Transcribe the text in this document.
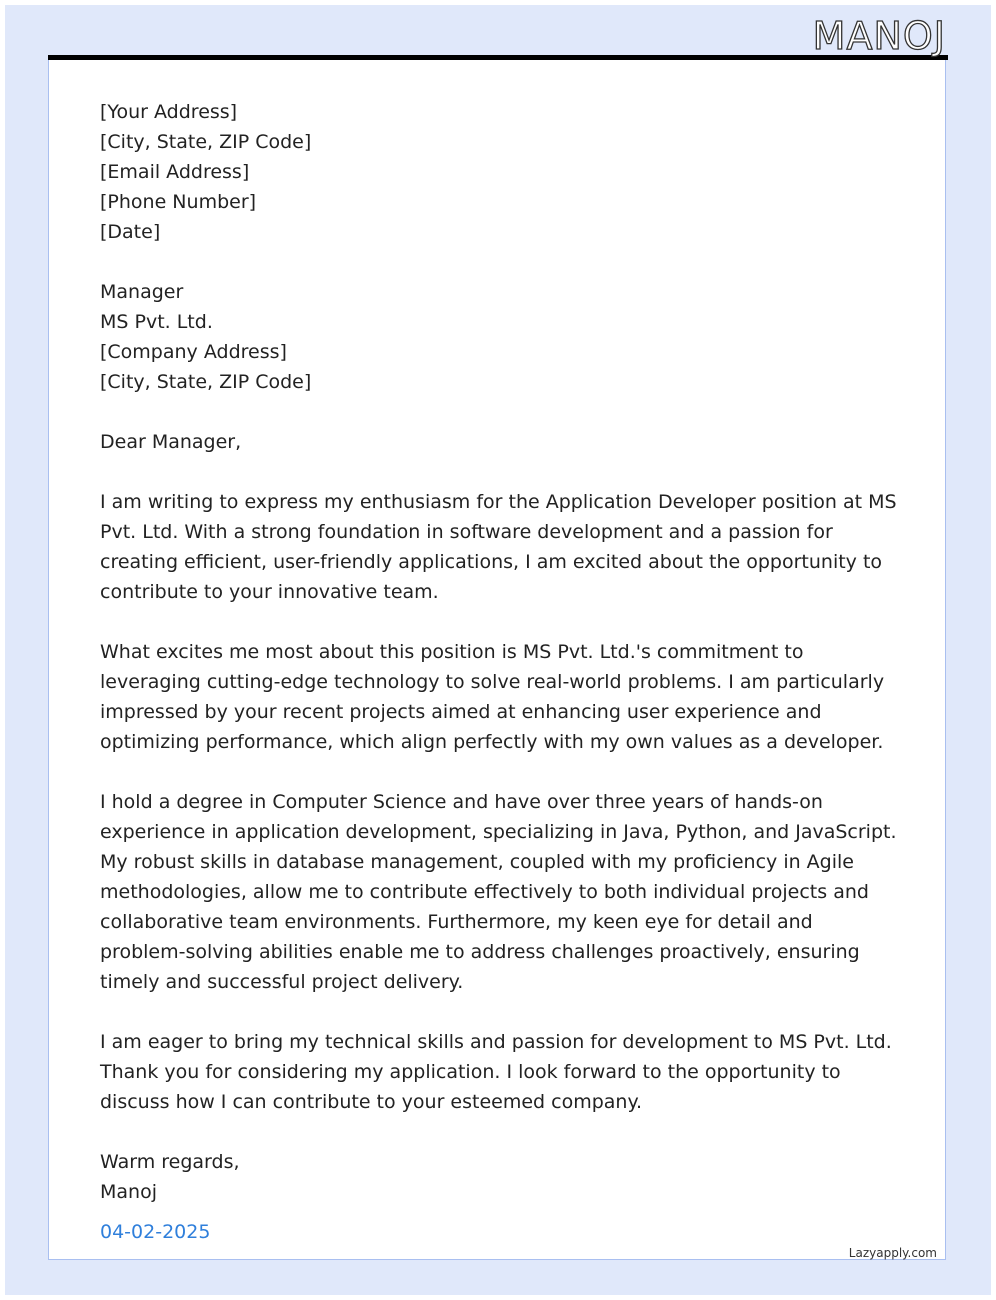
MANOJ
[Your Address]
[City, State, ZIP Code]
[Email Address]
[Phone Number]
[Date]
Manager
MS Pvt. Ltd.
[Company Address]
[City, State, ZIP Code]
Dear Manager,

I am writing to express my enthusiasm for the Application Developer position at MS Pvt. Ltd. With a strong foundation in software development and a passion for creating efficient, user-friendly applications, I am excited about the opportunity to contribute to your innovative team.

What excites me most about this position is MS Pvt. Ltd.'s commitment to leveraging cutting-edge technology to solve real-world problems. I am particularly impressed by your recent projects aimed at enhancing user experience and optimizing performance, which align perfectly with my own values as a developer.

I hold a degree in Computer Science and have over three years of hands-on experience in application development, specializing in Java, Python, and JavaScript. My robust skills in database management, coupled with my proficiency in Agile methodologies, allow me to contribute effectively to both individual projects and collaborative team environments. Furthermore, my keen eye for detail and problem-solving abilities enable me to address challenges proactively, ensuring timely and successful project delivery.

I am eager to bring my technical skills and passion for development to MS Pvt. Ltd. Thank you for considering my application. I look forward to the opportunity to discuss how I can contribute to your esteemed company.

Warm regards,
Manoj
04-02-2025
Lazyapply.com
